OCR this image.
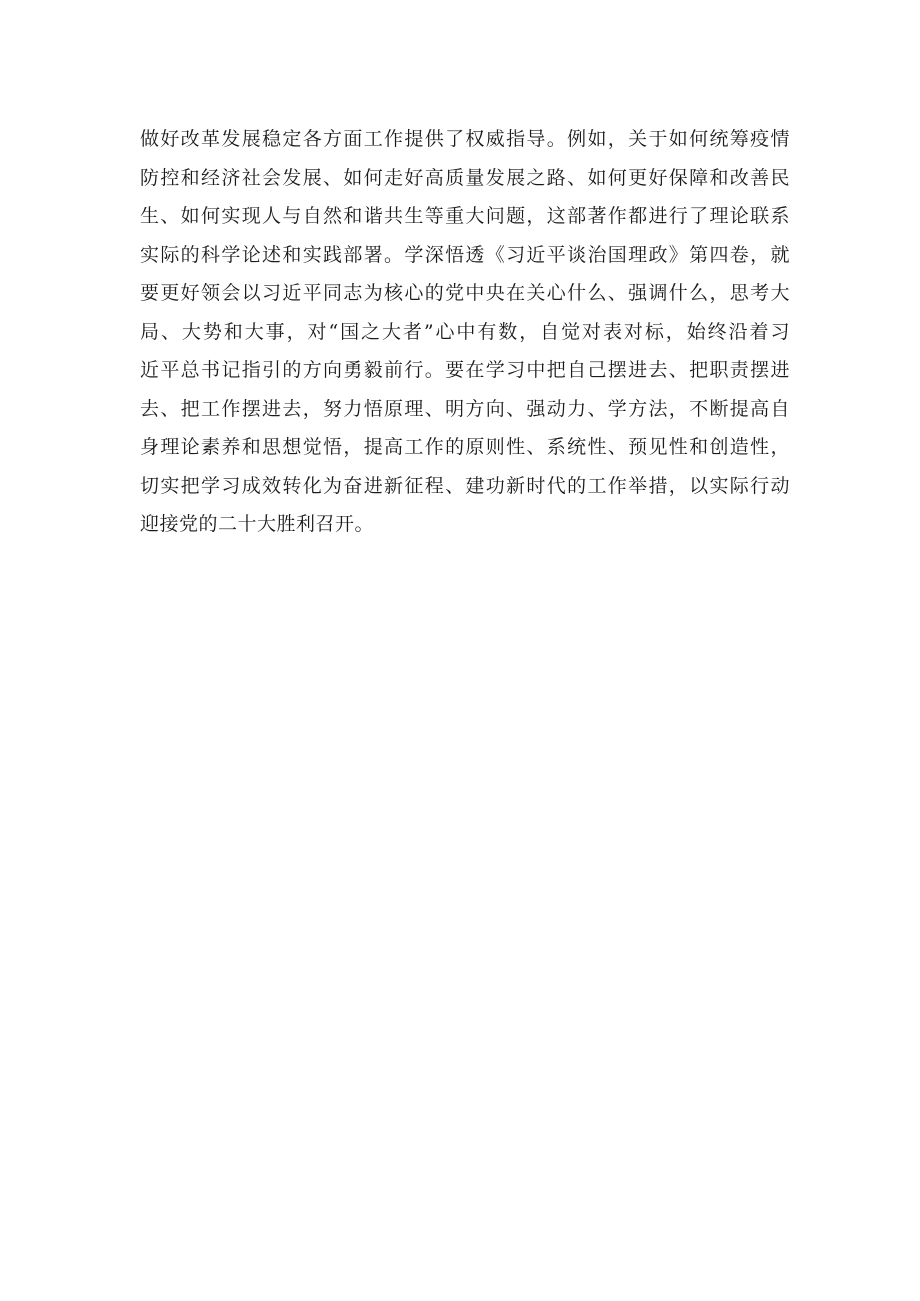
做好改革发展稳定各方面工作提供了权威指导。例如，关于如何统筹疫情
防控和经济社会发展、如何走好高质量发展之路、如何更好保障和改善民
生、如何实现人与自然和谐共生等重大问题，这部著作都进行了理论联系
实际的科学论述和实践部署。学深悟透《习近平谈治国理政》第四卷，就
要更好领会以习近平同志为核心的党中央在关心什么、强调什么，思考大
局、大势和大事，对“国之大者”心中有数，自觉对表对标，始终沿着习
近平总书记指引的方向勇毅前行。要在学习中把自己摆进去、把职责摆进
去、把工作摆进去，努力悟原理、明方向、强动力、学方法，不断提高自
身理论素养和思想觉悟，提高工作的原则性、系统性、预见性和创造性，
切实把学习成效转化为奋进新征程、建功新时代的工作举措，以实际行动
迎接党的二十大胜利召开。
